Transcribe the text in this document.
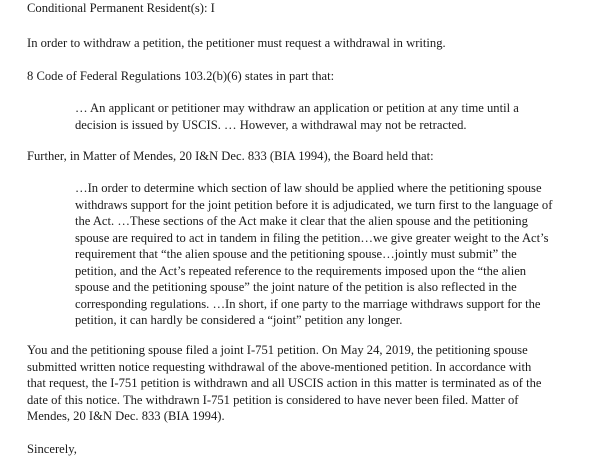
Conditional Permanent Resident(s): I
In order to withdraw a petition, the petitioner must request a withdrawal in writing.
8 Code of Federal Regulations 103.2(b)(6) states in part that:
… An applicant or petitioner may withdraw an application or petition at any time until a
decision is issued by USCIS. … However, a withdrawal may not be retracted.
Further, in Matter of Mendes, 20 I&N Dec. 833 (BIA 1994), the Board held that:
…In order to determine which section of law should be applied where the petitioning spouse
withdraws support for the joint petition before it is adjudicated, we turn first to the language of
the Act. …These sections of the Act make it clear that the alien spouse and the petitioning
spouse are required to act in tandem in filing the petition…we give greater weight to the Act’s
requirement that “the alien spouse and the petitioning spouse…jointly must submit” the
petition, and the Act’s repeated reference to the requirements imposed upon the “the alien
spouse and the petitioning spouse” the joint nature of the petition is also reflected in the
corresponding regulations. …In short, if one party to the marriage withdraws support for the
petition, it can hardly be considered a “joint” petition any longer.
You and the petitioning spouse filed a joint I-751 petition. On May 24, 2019, the petitioning spouse
submitted written notice requesting withdrawal of the above-mentioned petition. In accordance with
that request, the I-751 petition is withdrawn and all USCIS action in this matter is terminated as of the
date of this notice. The withdrawn I-751 petition is considered to have never been filed. Matter of
Mendes, 20 I&N Dec. 833 (BIA 1994).
Sincerely,
